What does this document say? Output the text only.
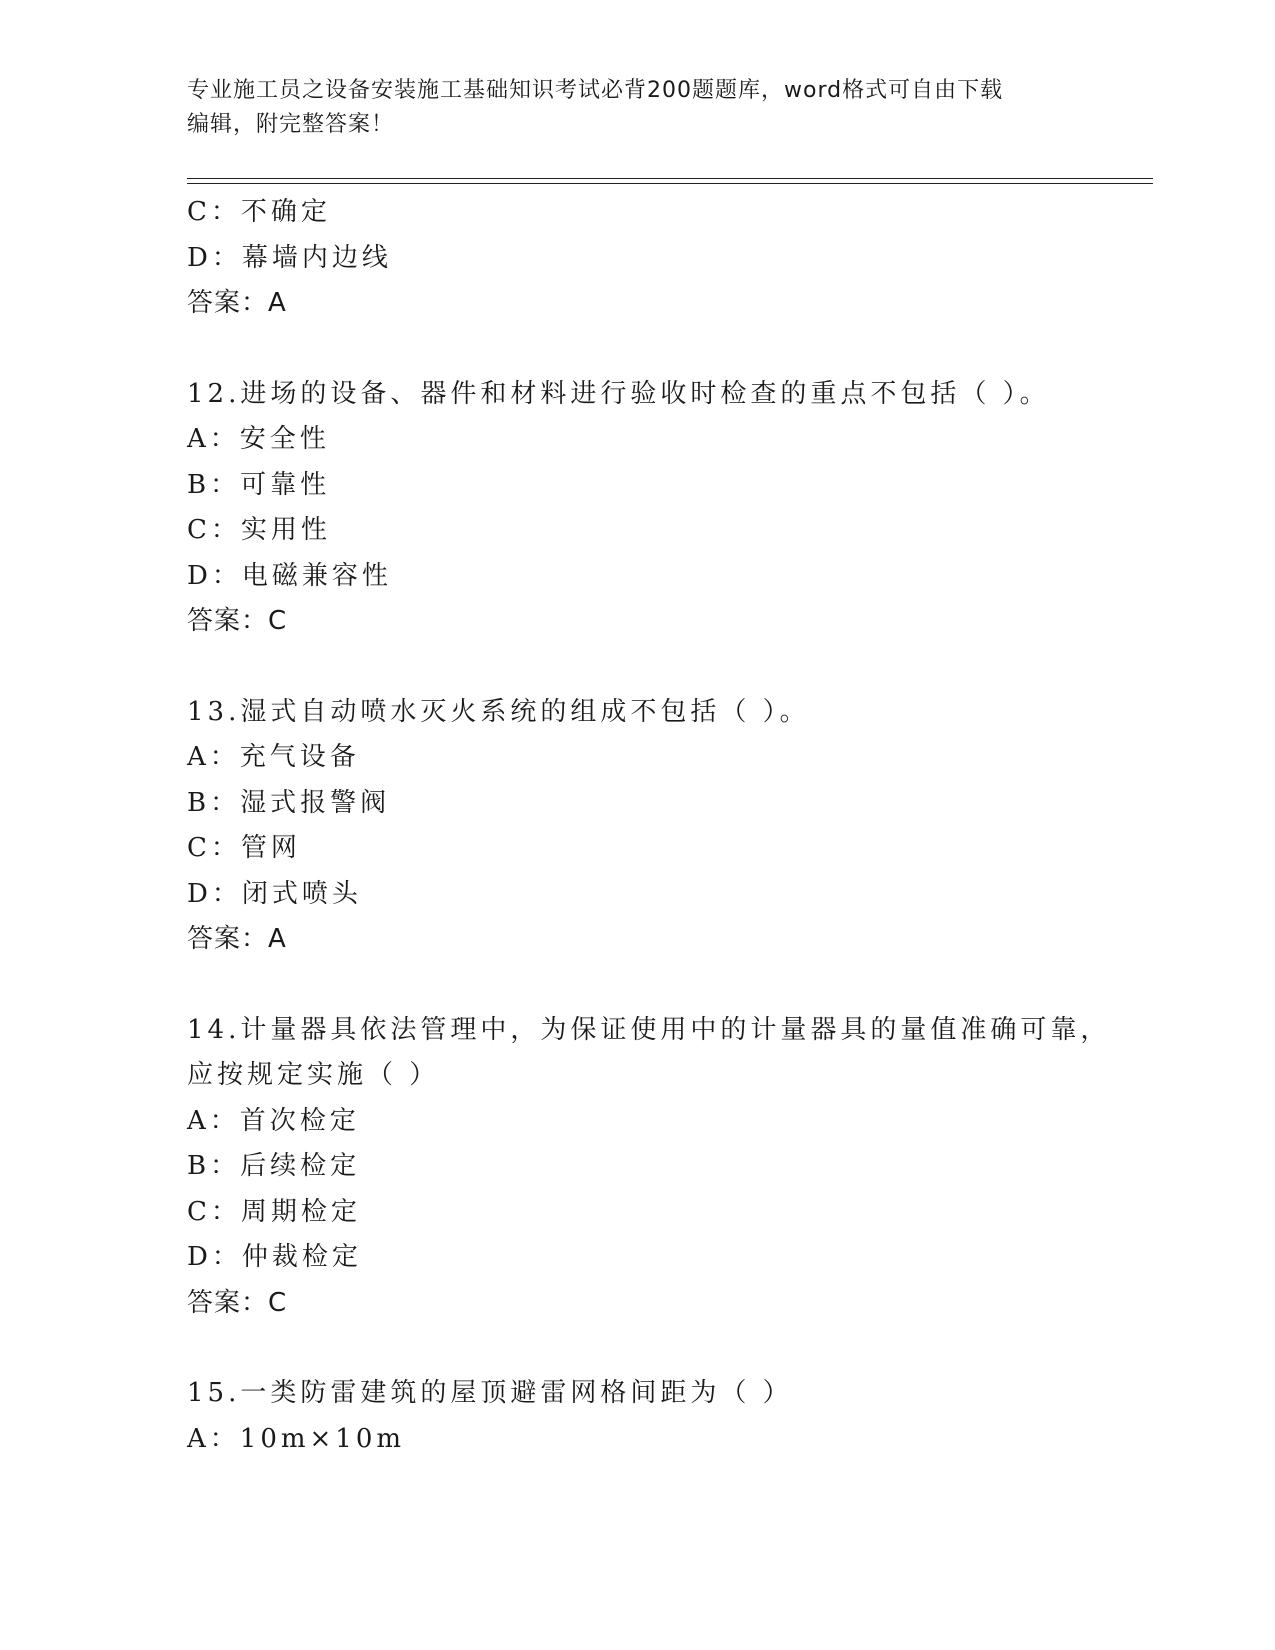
专业施工员之设备安装施工基础知识考试必背200题题库，word格式可自由下载
编辑，附完整答案！
C：不确定
D：幕墙内边线
答案：A
12.进场的设备、器件和材料进行验收时检查的重点不包括（ ）。
A：安全性
B：可靠性
C：实用性
D：电磁兼容性
答案：C
13.湿式自动喷水灭火系统的组成不包括（ ）。
A：充气设备
B：湿式报警阀
C：管网
D：闭式喷头
答案：A
14.计量器具依法管理中，为保证使用中的计量器具的量值准确可靠，
应按规定实施（ ）
A：首次检定
B：后续检定
C：周期检定
D：仲裁检定
答案：C
15.一类防雷建筑的屋顶避雷网格间距为（ ）
A：10m×10m
